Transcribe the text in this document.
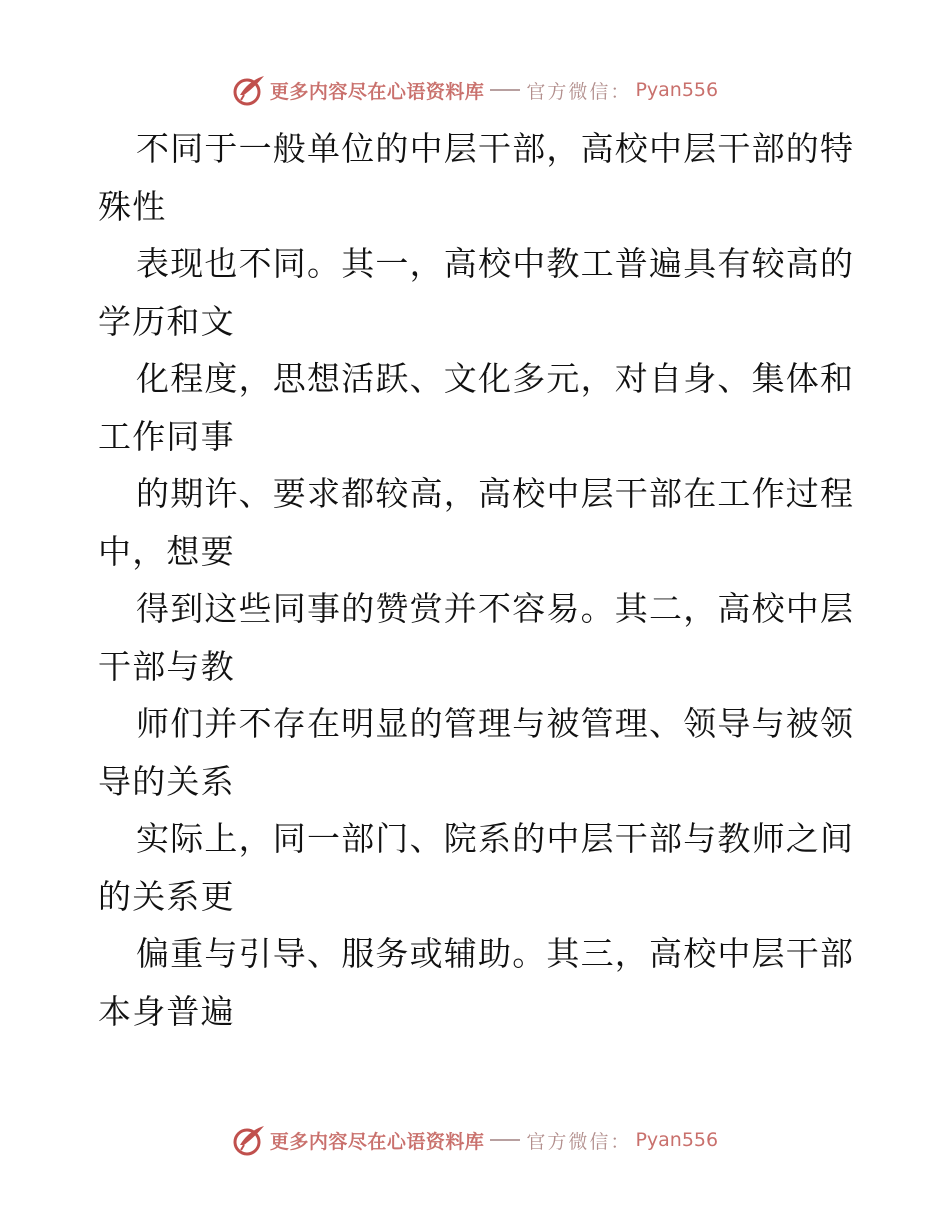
更多内容尽在心语资料库 官方微信： Pyan556
不同于一般单位的中层干部，高校中层干部的特
殊性
表现也不同。其一，高校中教工普遍具有较高的
学历和文
化程度，思想活跃、文化多元，对自身、集体和
工作同事
的期许、要求都较高，高校中层干部在工作过程
中，想要
得到这些同事的赞赏并不容易。其二，高校中层
干部与教
师们并不存在明显的管理与被管理、领导与被领
导的关系
实际上，同一部门、院系的中层干部与教师之间
的关系更
偏重与引导、服务或辅助。其三，高校中层干部
本身普遍
更多内容尽在心语资料库 官方微信： Pyan556
